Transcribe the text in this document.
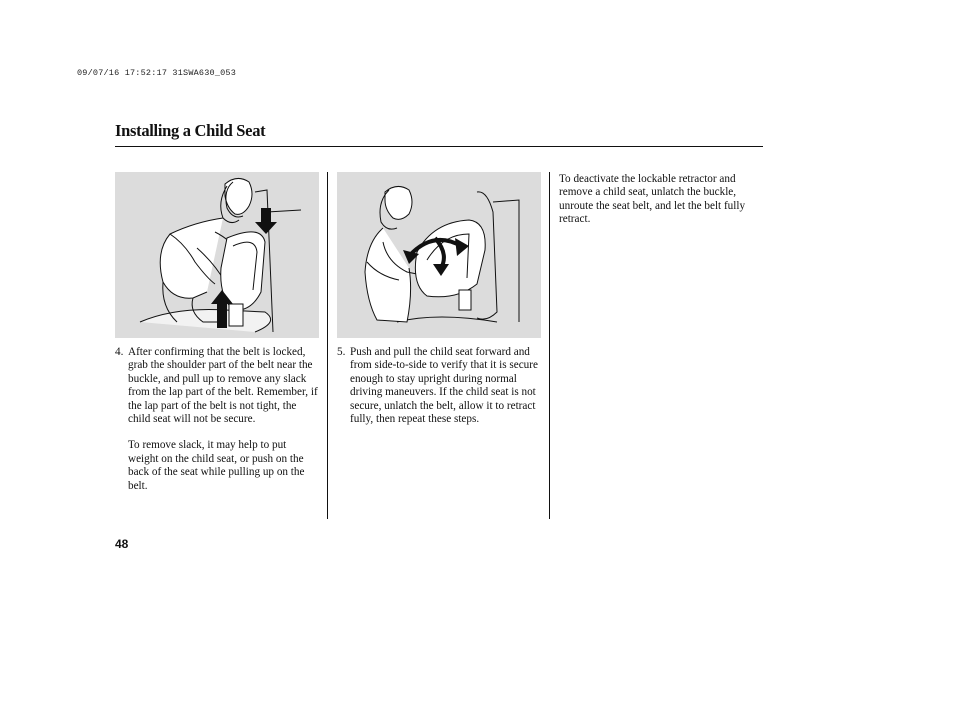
09/07/16 17:52:17 31SWA630_053
Installing a Child Seat

4. After confirming that the belt is locked, grab the shoulder part of the belt near the buckle, and pull up to remove any slack from the lap part of the belt. Remember, if the lap part of the belt is not tight, the child seat will not be secure.

To remove slack, it may help to put weight on the child seat, or push on the back of the seat while pulling up on the belt.

5. Push and pull the child seat forward and from side-to-side to verify that it is secure enough to stay upright during normal driving maneuvers. If the child seat is not secure, unlatch the belt, allow it to retract fully, then repeat these steps.

To deactivate the lockable retractor and remove a child seat, unlatch the buckle, unroute the seat belt, and let the belt fully retract.

48
